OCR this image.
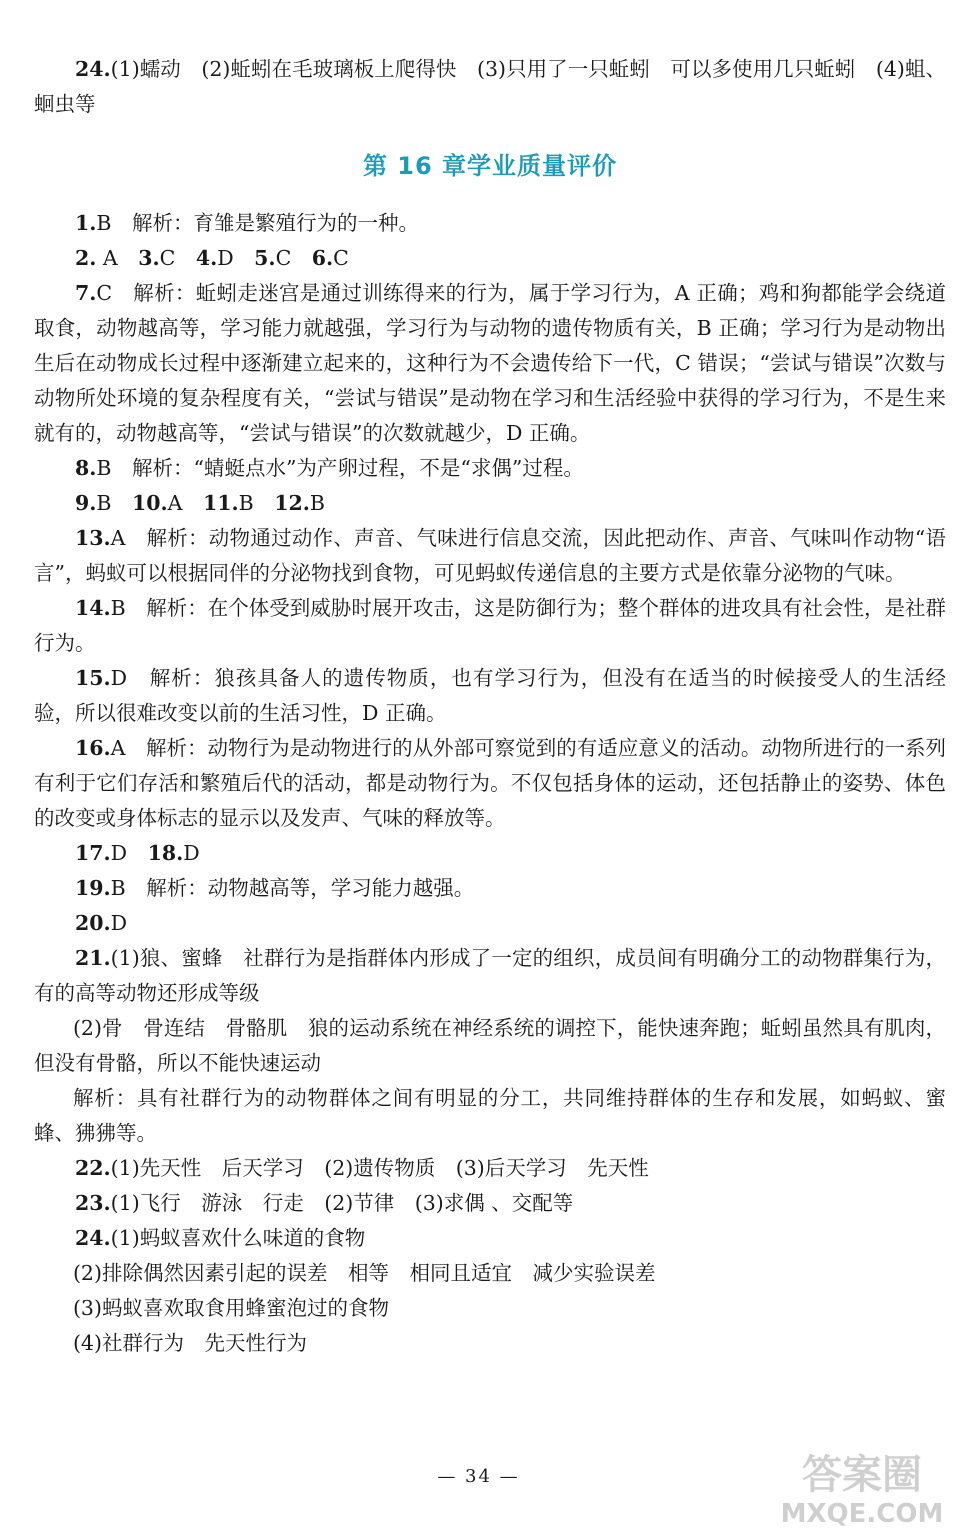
24.(1)蠕动　(2)蚯蚓在毛玻璃板上爬得快　(3)只用了一只蚯蚓　可以多使用几只蚯蚓　(4)蛆、蛔虫等

第 16 章学业质量评价

1.B　解析：育雏是繁殖行为的一种。

2. A　3.C　4.D　5.C　6.C

7.C　解析：蚯蚓走迷宫是通过训练得来的行为，属于学习行为，A 正确；鸡和狗都能学会绕道取食，动物越高等，学习能力就越强，学习行为与动物的遗传物质有关，B 正确；学习行为是动物出生后在动物成长过程中逐渐建立起来的，这种行为不会遗传给下一代，C 错误；“尝试与错误”次数与动物所处环境的复杂程度有关，“尝试与错误”是动物在学习和生活经验中获得的学习行为，不是生来就有的，动物越高等，“尝试与错误”的次数就越少，D 正确。

8.B　解析：“蜻蜓点水”为产卵过程，不是“求偶”过程。

9.B　10.A　11.B　12.B

13.A　解析：动物通过动作、声音、气味进行信息交流，因此把动作、声音、气味叫作动物“语言”，蚂蚁可以根据同伴的分泌物找到食物，可见蚂蚁传递信息的主要方式是依靠分泌物的气味。

14.B　解析：在个体受到威胁时展开攻击，这是防御行为；整个群体的进攻具有社会性，是社群行为。

15.D　解析：狼孩具备人的遗传物质，也有学习行为，但没有在适当的时候接受人的生活经验，所以很难改变以前的生活习性，D 正确。

16.A　解析：动物行为是动物进行的从外部可察觉到的有适应意义的活动。动物所进行的一系列有利于它们存活和繁殖后代的活动，都是动物行为。不仅包括身体的运动，还包括静止的姿势、体色的改变或身体标志的显示以及发声、气味的释放等。

17.D　18.D

19.B　解析：动物越高等，学习能力越强。

20.D

21.(1)狼、蜜蜂　社群行为是指群体内形成了一定的组织，成员间有明确分工的动物群集行为，有的高等动物还形成等级

(2)骨　骨连结　骨骼肌　狼的运动系统在神经系统的调控下，能快速奔跑；蚯蚓虽然具有肌肉，但没有骨骼，所以不能快速运动

解析：具有社群行为的动物群体之间有明显的分工，共同维持群体的生存和发展，如蚂蚁、蜜蜂、狒狒等。

22.(1)先天性　后天学习　(2)遗传物质　(3)后天学习　先天性

23.(1)飞行　游泳　行走　(2)节律　(3)求偶 、交配等

24.(1)蚂蚁喜欢什么味道的食物

(2)排除偶然因素引起的误差　相等　相同且适宜　减少实验误差

(3)蚂蚁喜欢取食用蜂蜜泡过的食物

(4)社群行为　先天性行为

— 34 —	答案圈
MXQE.COM
